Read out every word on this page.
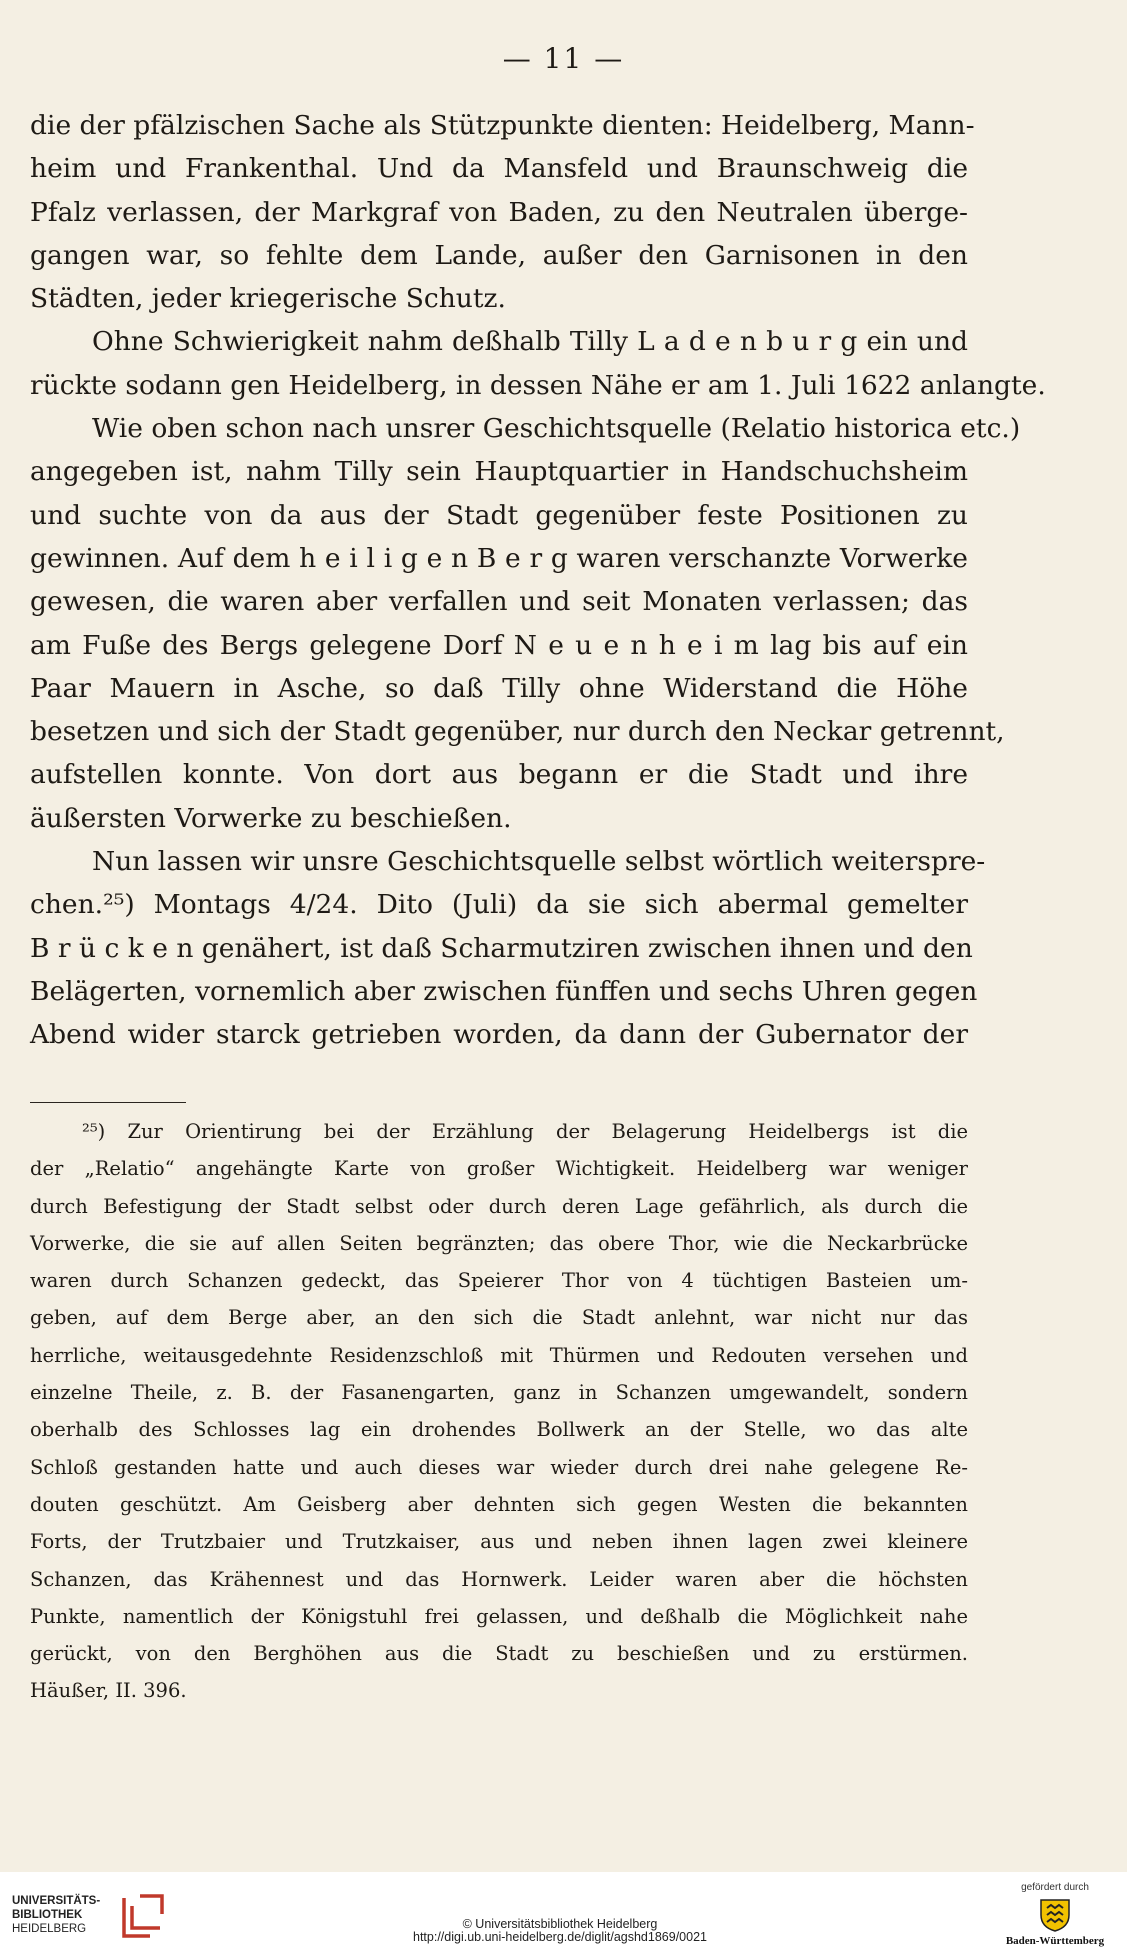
— 11 —
die der pfälzischen Sache als Stützpunkte dienten: Heidelberg, Mann-
heim und Frankenthal. Und da Mansfeld und Braunschweig die
Pfalz verlassen, der Markgraf von Baden, zu den Neutralen überge-
gangen war, so fehlte dem Lande, außer den Garnisonen in den
Städten, jeder kriegerische Schutz.
Ohne Schwierigkeit nahm deßhalb Tilly L a d e n b u r g ein und
rückte sodann gen Heidelberg, in dessen Nähe er am 1. Juli 1622 anlangte.
Wie oben schon nach unsrer Geschichtsquelle (Relatio historica etc.)
angegeben ist, nahm Tilly sein Hauptquartier in Handschuchsheim
und suchte von da aus der Stadt gegenüber feste Positionen zu
gewinnen. Auf dem h e i l i g e n B e r g waren verschanzte Vorwerke
gewesen, die waren aber verfallen und seit Monaten verlassen; das
am Fuße des Bergs gelegene Dorf N e u e n h e i m lag bis auf ein
Paar Mauern in Asche, so daß Tilly ohne Widerstand die Höhe
besetzen und sich der Stadt gegenüber, nur durch den Neckar getrennt,
aufstellen konnte. Von dort aus begann er die Stadt und ihre
äußersten Vorwerke zu beschießen.
Nun lassen wir unsre Geschichtsquelle selbst wörtlich weiterspre-
chen.²⁵) Montags 4/24. Dito (Juli) da sie sich abermal gemelter
B r ü c k e n genähert, ist daß Scharmutziren zwischen ihnen und den
Belägerten, vornemlich aber zwischen fünffen und sechs Uhren gegen
Abend wider starck getrieben worden, da dann der Gubernator der
²⁵) Zur Orientirung bei der Erzählung der Belagerung Heidelbergs ist die
der „Relatio“ angehängte Karte von großer Wichtigkeit. Heidelberg war weniger
durch Befestigung der Stadt selbst oder durch deren Lage gefährlich, als durch die
Vorwerke, die sie auf allen Seiten begränzten; das obere Thor, wie die Neckarbrücke
waren durch Schanzen gedeckt, das Speierer Thor von 4 tüchtigen Basteien um-
geben, auf dem Berge aber, an den sich die Stadt anlehnt, war nicht nur das
herrliche, weitausgedehnte Residenzschloß mit Thürmen und Redouten versehen und
einzelne Theile, z. B. der Fasanengarten, ganz in Schanzen umgewandelt, sondern
oberhalb des Schlosses lag ein drohendes Bollwerk an der Stelle, wo das alte
Schloß gestanden hatte und auch dieses war wieder durch drei nahe gelegene Re-
douten geschützt. Am Geisberg aber dehnten sich gegen Westen die bekannten
Forts, der Trutzbaier und Trutzkaiser, aus und neben ihnen lagen zwei kleinere
Schanzen, das Krähennest und das Hornwerk. Leider waren aber die höchsten
Punkte, namentlich der Königstuhl frei gelassen, und deßhalb die Möglichkeit nahe
gerückt, von den Berghöhen aus die Stadt zu beschießen und zu erstürmen.
Häußer, II. 396.
UNIVERSITÄTS-
BIBLIOTHEK
HEIDELBERG	© Universitätsbibliothek Heidelberg
http://digi.ub.uni-heidelberg.de/diglit/agshd1869/0021
gefördert durch
Baden-Württemberg
